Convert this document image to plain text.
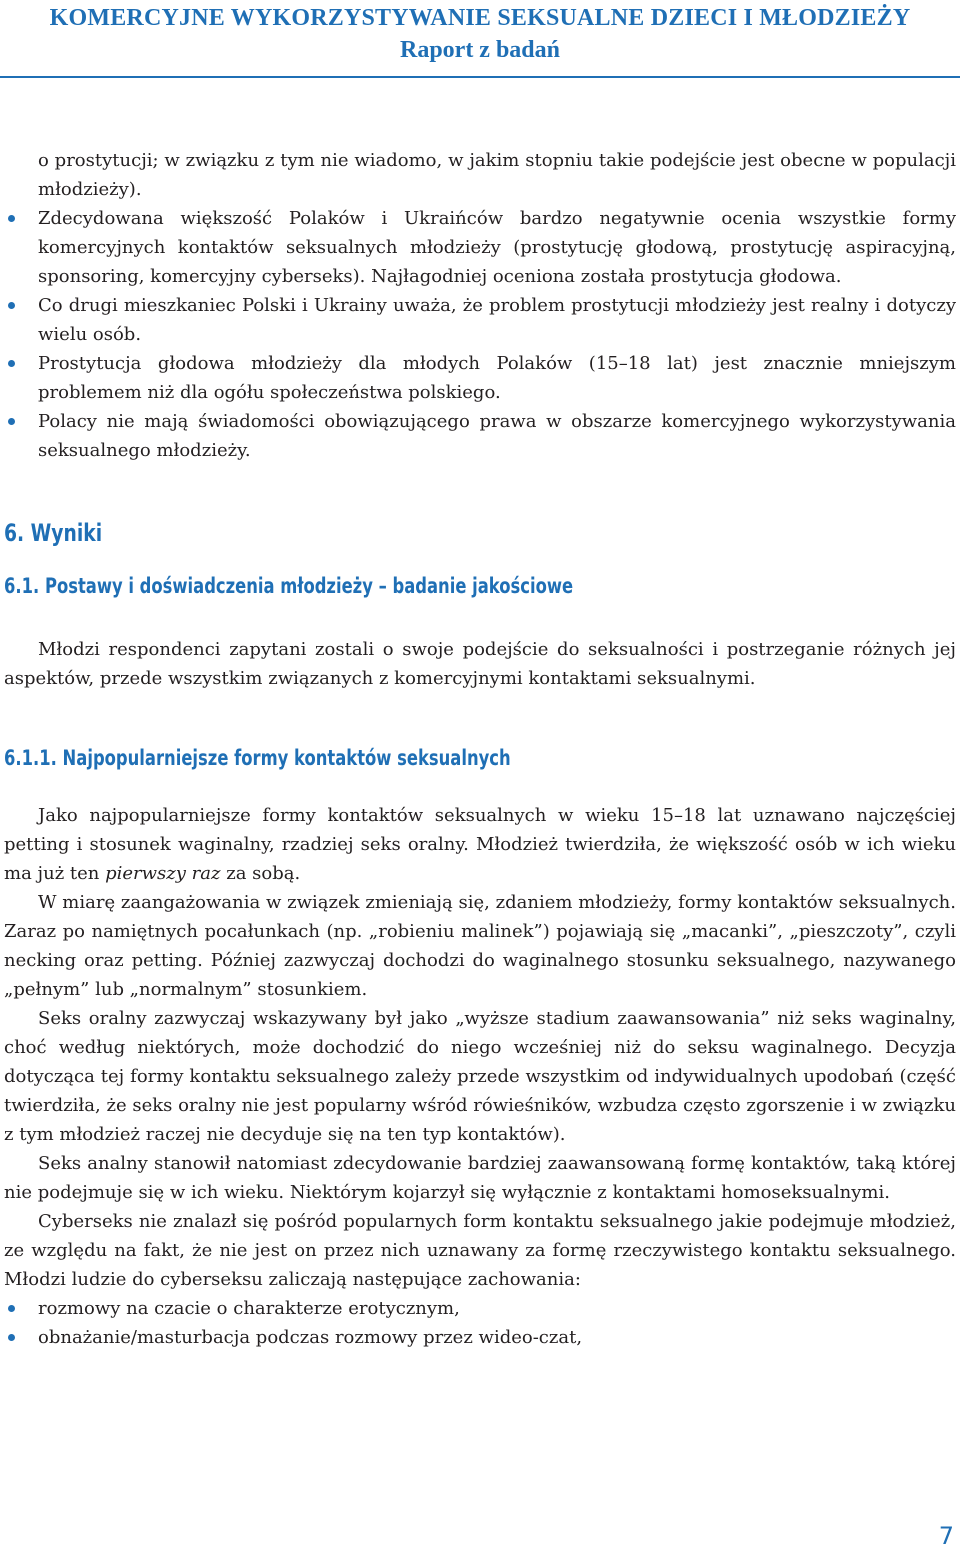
KOMERCYJNE WYKORZYSTYWANIE SEKSUALNE DZIECI I MŁODZIEŻY
Raport z badań

o prostytucji; w związku z tym nie wiadomo, w jakim stopniu takie podejście jest obecne w populacji młodzieży).

Zdecydowana większość Polaków i Ukraińców bardzo negatywnie ocenia wszystkie formy komercyjnych kontaktów seksualnych młodzieży (prostytucję głodową, prostytucję aspiracyjną, sponsoring, komercyjny cyberseks). Najłagodniej oceniona została prostytucja głodowa.
Co drugi mieszkaniec Polski i Ukrainy uważa, że problem prostytucji młodzieży jest realny i dotyczy wielu osób.
Prostytucja głodowa młodzieży dla młodych Polaków (15–18 lat) jest znacznie mniejszym problemem niż dla ogółu społeczeństwa polskiego.
Polacy nie mają świadomości obowiązującego prawa w obszarze komercyjnego wykorzystywania seksualnego młodzieży.
6. Wyniki
6.1. Postawy i doświadczenia młodzieży – badanie jakościowe

Młodzi respondenci zapytani zostali o swoje podejście do seksualności i postrzeganie różnych jej aspektów, przede wszystkim związanych z komercyjnymi kontaktami seksualnymi.

6.1.1. Najpopularniejsze formy kontaktów seksualnych

Jako najpopularniejsze formy kontaktów seksualnych w wieku 15–18 lat uznawano najczęściej petting i stosunek waginalny, rzadziej seks oralny. Młodzież twierdziła, że większość osób w ich wieku ma już ten pierwszy raz za sobą.

W miarę zaangażowania w związek zmieniają się, zdaniem młodzieży, formy kontaktów seksualnych. Zaraz po namiętnych pocałunkach (np. „robieniu malinek”) pojawiają się „macanki”, „pieszczoty”, czyli necking oraz petting. Później zazwyczaj dochodzi do waginalnego stosunku seksualnego, nazywanego „pełnym” lub „normalnym” stosunkiem.

Seks oralny zazwyczaj wskazywany był jako „wyższe stadium zaawansowania” niż seks waginalny, choć według niektórych, może dochodzić do niego wcześniej niż do seksu waginalnego. Decyzja dotycząca tej formy kontaktu seksualnego zależy przede wszystkim od indywidualnych upodobań (część twierdziła, że seks oralny nie jest popularny wśród rówieśników, wzbudza często zgorszenie i w związku z tym młodzież raczej nie decyduje się na ten typ kontaktów).

Seks analny stanowił natomiast zdecydowanie bardziej zaawansowaną formę kontaktów, taką której nie podejmuje się w ich wieku. Niektórym kojarzył się wyłącznie z kontaktami homoseksualnymi.

Cyberseks nie znalazł się pośród popularnych form kontaktu seksualnego jakie podejmuje młodzież, ze względu na fakt, że nie jest on przez nich uznawany za formę rzeczywistego kontaktu seksualnego. Młodzi ludzie do cyberseksu zaliczają następujące zachowania:

rozmowy na czacie o charakterze erotycznym,
obnażanie/masturbacja podczas rozmowy przez wideo-czat,
7
